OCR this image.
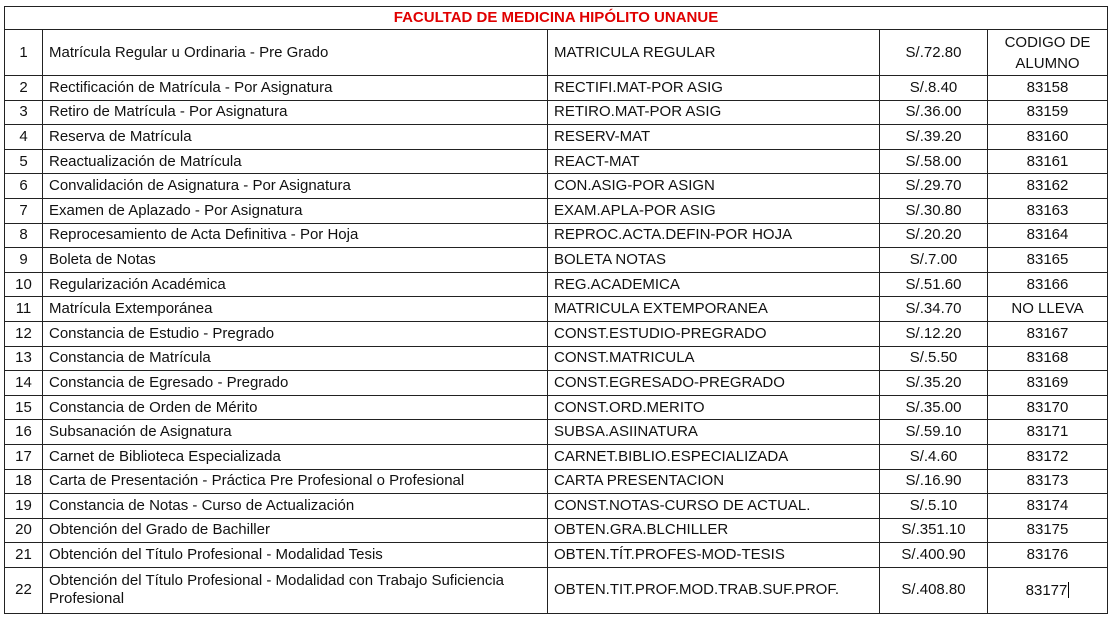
FACULTAD DE MEDICINA HIPÓLITO UNANUE				
1	Matrícula Regular u Ordinaria - Pre Grado	MATRICULA REGULAR	S/.72.80	CODIGO DE ALUMNO
2	Rectificación de Matrícula - Por Asignatura	RECTIFI.MAT-POR ASIG	S/.8.40	83158
3	Retiro de Matrícula - Por Asignatura	RETIRO.MAT-POR ASIG	S/.36.00	83159
4	Reserva de Matrícula	RESERV-MAT	S/.39.20	83160
5	Reactualización de Matrícula	REACT-MAT	S/.58.00	83161
6	Convalidación de Asignatura - Por Asignatura	CON.ASIG-POR ASIGN	S/.29.70	83162
7	Examen de Aplazado - Por Asignatura	EXAM.APLA-POR ASIG	S/.30.80	83163
8	Reprocesamiento de Acta Definitiva - Por Hoja	REPROC.ACTA.DEFIN-POR HOJA	S/.20.20	83164
9	Boleta de Notas	BOLETA NOTAS	S/.7.00	83165
10	Regularización Académica	REG.ACADEMICA	S/.51.60	83166
11	Matrícula Extemporánea	MATRICULA EXTEMPORANEA	S/.34.70	NO LLEVA
12	Constancia de Estudio - Pregrado	CONST.ESTUDIO-PREGRADO	S/.12.20	83167
13	Constancia de Matrícula	CONST.MATRICULA	S/.5.50	83168
14	Constancia de Egresado - Pregrado	CONST.EGRESADO-PREGRADO	S/.35.20	83169
15	Constancia de Orden de Mérito	CONST.ORD.MERITO	S/.35.00	83170
16	Subsanación de Asignatura	SUBSA.ASIINATURA	S/.59.10	83171
17	Carnet de Biblioteca Especializada	CARNET.BIBLIO.ESPECIALIZADA	S/.4.60	83172
18	Carta de Presentación - Práctica Pre Profesional o Profesional	CARTA PRESENTACION	S/.16.90	83173
19	Constancia de Notas - Curso de Actualización	CONST.NOTAS-CURSO DE ACTUAL.	S/.5.10	83174
20	Obtención del Grado de Bachiller	OBTEN.GRA.BLCHILLER	S/.351.10	83175
21	Obtención del Título Profesional - Modalidad Tesis	OBTEN.TÍT.PROFES-MOD-TESIS	S/.400.90	83176
22	Obtención del Título Profesional - Modalidad con Trabajo Suficiencia Profesional	OBTEN.TIT.PROF.MOD.TRAB.SUF.PROF.	S/.408.80	83177
